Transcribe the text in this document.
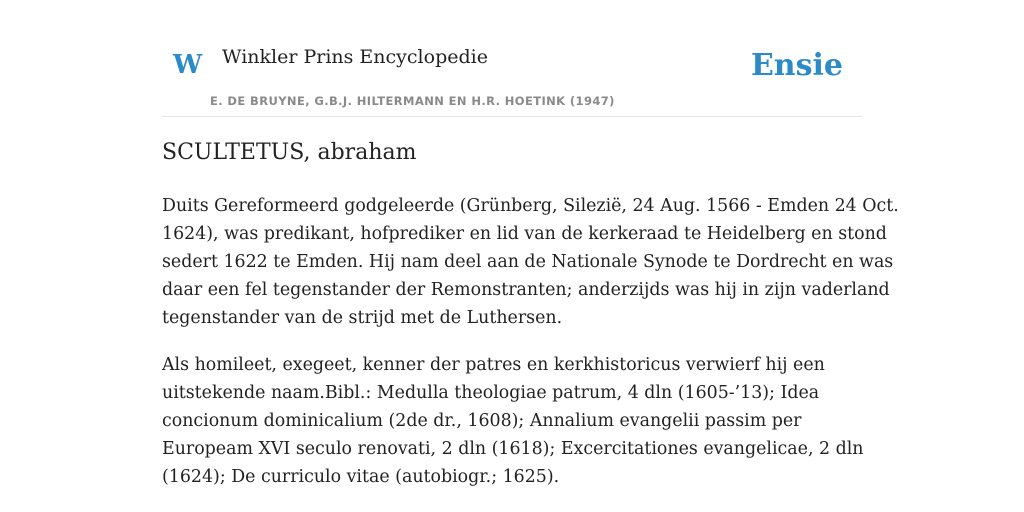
W Winkler Prins Encyclopedie
E. DE BRUYNE, G.B.J. HILTERMANN EN H.R. HOETINK (1947)
Ensie
SCULTETUS, abraham

Duits Gereformeerd godgeleerde (Grünberg, Silezië, 24 Aug. 1566 - Emden 24 Oct.
1624), was predikant, hofprediker en lid van de kerkeraad te Heidelberg en stond
sedert 1622 te Emden. Hij nam deel aan de Nationale Synode te Dordrecht en was
daar een fel tegenstander der Remonstranten; anderzijds was hij in zijn vaderland
tegenstander van de strijd met de Luthersen.

Als homileet, exegeet, kenner der patres en kerkhistoricus verwierf hij een
uitstekende naam.Bibl.: Medulla theologiae patrum, 4 dln (1605-’13); Idea
concionum dominicalium (2de dr., 1608); Annalium evangelii passim per
Europeam XVI seculo renovati, 2 dln (1618); Excercitationes evangelicae, 2 dln
(1624); De curriculo vitae (autobiogr.; 1625).
